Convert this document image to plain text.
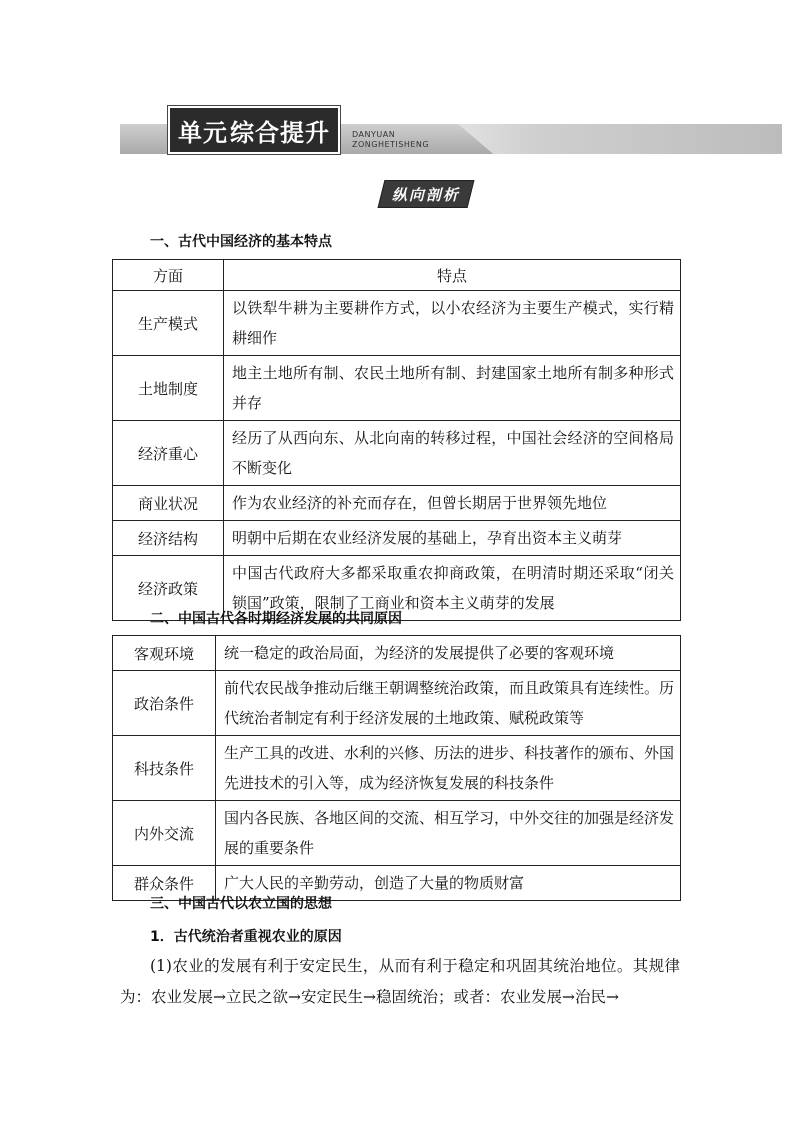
单元 综合提升	DANYUAN
ZONGHETISHENG
纵向剖析
一、古代中国经济的基本特点
方面	特点
生产模式	以铁犁牛耕为主要耕作方式，以小农经济为主要生产模式，实行精耕细作
土地制度	地主土地所有制、农民土地所有制、封建国家土地所有制多种形式并存
经济重心	经历了从西向东、从北向南的转移过程，中国社会经济的空间格局不断变化
商业状况	作为农业经济的补充而存在，但曾长期居于世界领先地位
经济结构	明朝中后期在农业经济发展的基础上，孕育出资本主义萌芽
经济政策	中国古代政府大多都采取重农抑商政策，在明清时期还采取“闭关锁国”政策，限制了工商业和资本主义萌芽的发展
二、中国古代各时期经济发展的共同原因
客观环境	统一稳定的政治局面，为经济的发展提供了必要的客观环境
政治条件	前代农民战争推动后继王朝调整统治政策，而且政策具有连续性。历代统治者制定有利于经济发展的土地政策、赋税政策等
科技条件	生产工具的改进、水利的兴修、历法的进步、科技著作的颁布、外国先进技术的引入等，成为经济恢复发展的科技条件
内外交流	国内各民族、各地区间的交流、相互学习，中外交往的加强是经济发展的重要条件
群众条件	广大人民的辛勤劳动，创造了大量的物质财富
三、中国古代以农立国的思想
1．古代统治者重视农业的原因
(1)农业的发展有利于安定民生，从而有利于稳定和巩固其统治地位。其规律为：农业发展→立民之欲→安定民生→稳固统治；或者：农业发展→治民→
